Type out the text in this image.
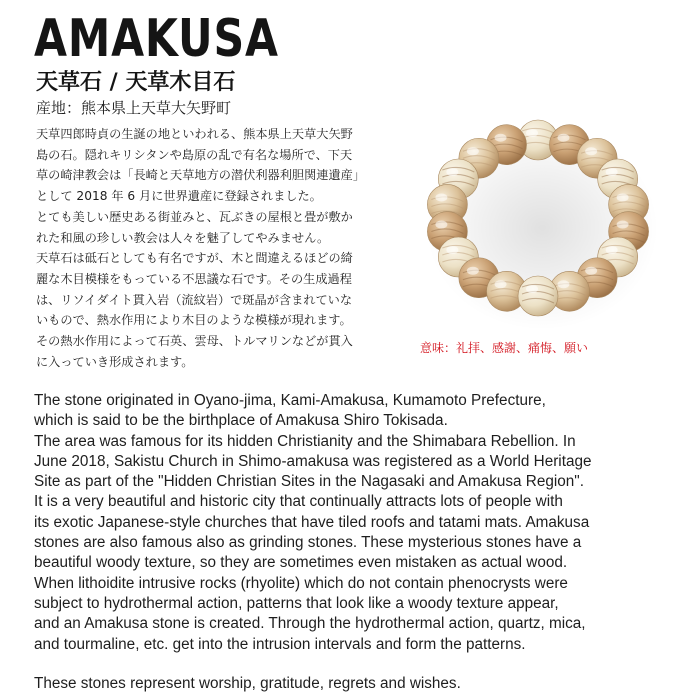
AMAKUSA
天草石 / 天草木目石
産地：熊本県上天草大矢野町
天草四郎時貞の生誕の地といわれる、熊本県上天草大矢野
島の石。隠れキリシタンや島原の乱で有名な場所で、下天
草の崎津教会は「長崎と天草地方の潜伏利器利胆関連遺産」
として 2018 年 6 月に世界遺産に登録されました。
とても美しい歴史ある街並みと、瓦ぶきの屋根と畳が敷か
れた和風の珍しい教会は人々を魅了してやみません。
天草石は砥石としても有名ですが、木と間違えるほどの綺
麗な木目模様をもっている不思議な石です。その生成過程
は、リソイダイト貫入岩（流紋岩）で斑晶が含まれていな
いもので、熱水作用により木目のような模様が現れます。
その熱水作用によって石英、雲母、トルマリンなどが貫入
に入っていき形成されます。
意味：礼拝、感謝、痛悔、願い
The stone originated in Oyano-jima, Kami-Amakusa, Kumamoto Prefecture,
which is said to be the birthplace of Amakusa Shiro Tokisada.
The area was famous for its hidden Christianity and the Shimabara Rebellion. In
June 2018, Sakistu Church in Shimo-amakusa was registered as a World Heritage
Site as part of the "Hidden Christian Sites in the Nagasaki and Amakusa Region".
It is a very beautiful and historic city that continually attracts lots of people with
its exotic Japanese-style churches that have tiled roofs and tatami mats. Amakusa
stones are also famous also as grinding stones. These mysterious stones have a
beautiful woody texture, so they are sometimes even mistaken as actual wood.
When lithoidite intrusive rocks (rhyolite) which do not contain phenocrysts were
subject to hydrothermal action, patterns that look like a woody texture appear,
and an Amakusa stone is created. Through the hydrothermal action, quartz, mica,
and tourmaline, etc. get into the intrusion intervals and form the patterns.
These stones represent worship, gratitude, regrets and wishes.
